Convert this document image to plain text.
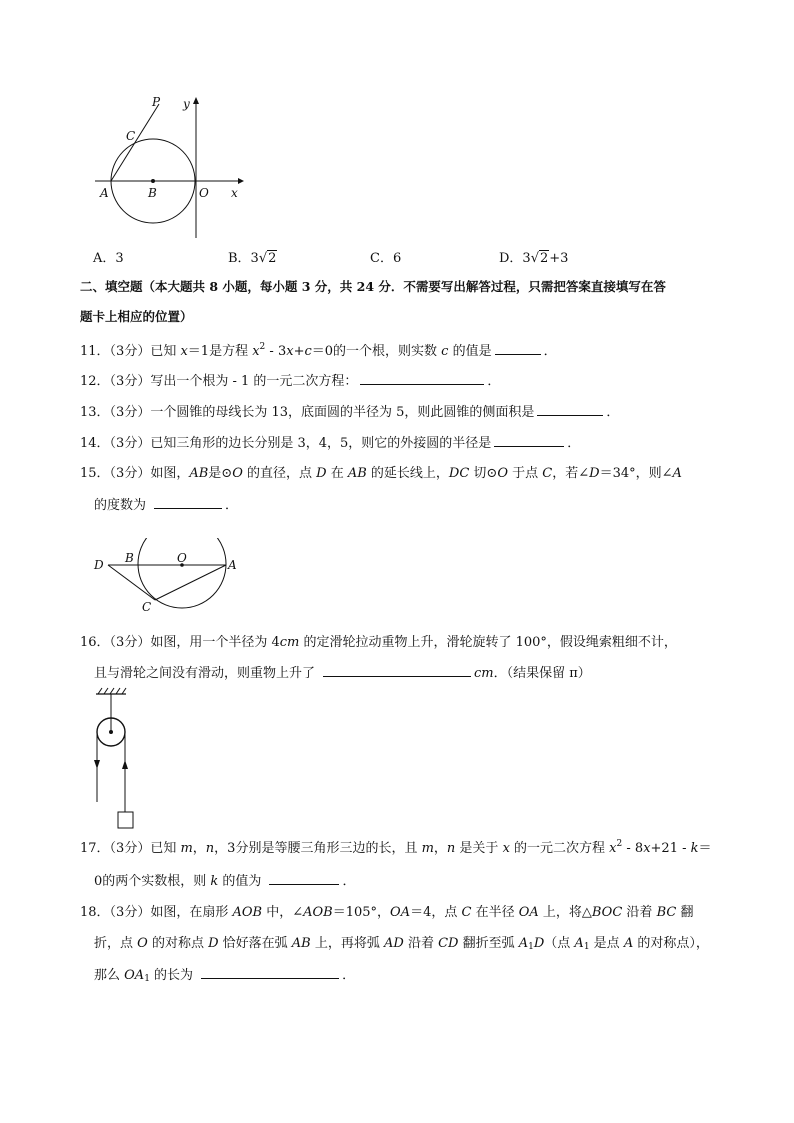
P y
C
A	B	O x
A．3	B．3√2	C．6	D．3√2+3
二、填空题（本大题共 8 小题，每小题 3 分，共 24 分．不需要写出解答过程，只需把答案直接填写在答
题卡上相应的位置）
11．（3分）已知 x＝1是方程 $x^2 - 3x+c=0$的一个根，则实数 c 的值是	．
12．（3分）写出一个根为 - 1 的一元二次方程：	．
13．（3分）一个圆锥的母线长为 13，底面圆的半径为 5，则此圆锥的侧面积是	．
14．（3分）已知三角形的边长分别是 3，4，5，则它的外接圆的半径是	．
15．（3分）如图，AB是⊙O 的直径，点 D 在 AB 的延长线上，DC 切⊙O 于点 C，若∠D＝34°，则∠A
的度数为	．
D B	O	A
C
16．（3分）如图，用一个半径为 4cm 的定滑轮拉动重物上升，滑轮旋转了 100°，假设绳索粗细不计，
且与滑轮之间没有滑动，则重物上升了	cm．（结果保留 π）
17．（3分）已知 m，n，3分别是等腰三角形三边的长，且 m，n 是关于 x 的一元二次方程 $x^2 - 8x+21 - k=$
0的两个实数根，则 k 的值为	．
18．（3分）如图，在扇形 AOB 中，∠AOB＝105°，OA＝4，点 C 在半径 OA 上，将△BOC 沿着 BC 翻
折，点 O 的对称点 D 恰好落在弧 AB 上，再将弧 AD 沿着 CD 翻折至弧 $A_1D$（点 $A_1$ 是点 A 的对称点），
那么 $OA_1$ 的长为	．
